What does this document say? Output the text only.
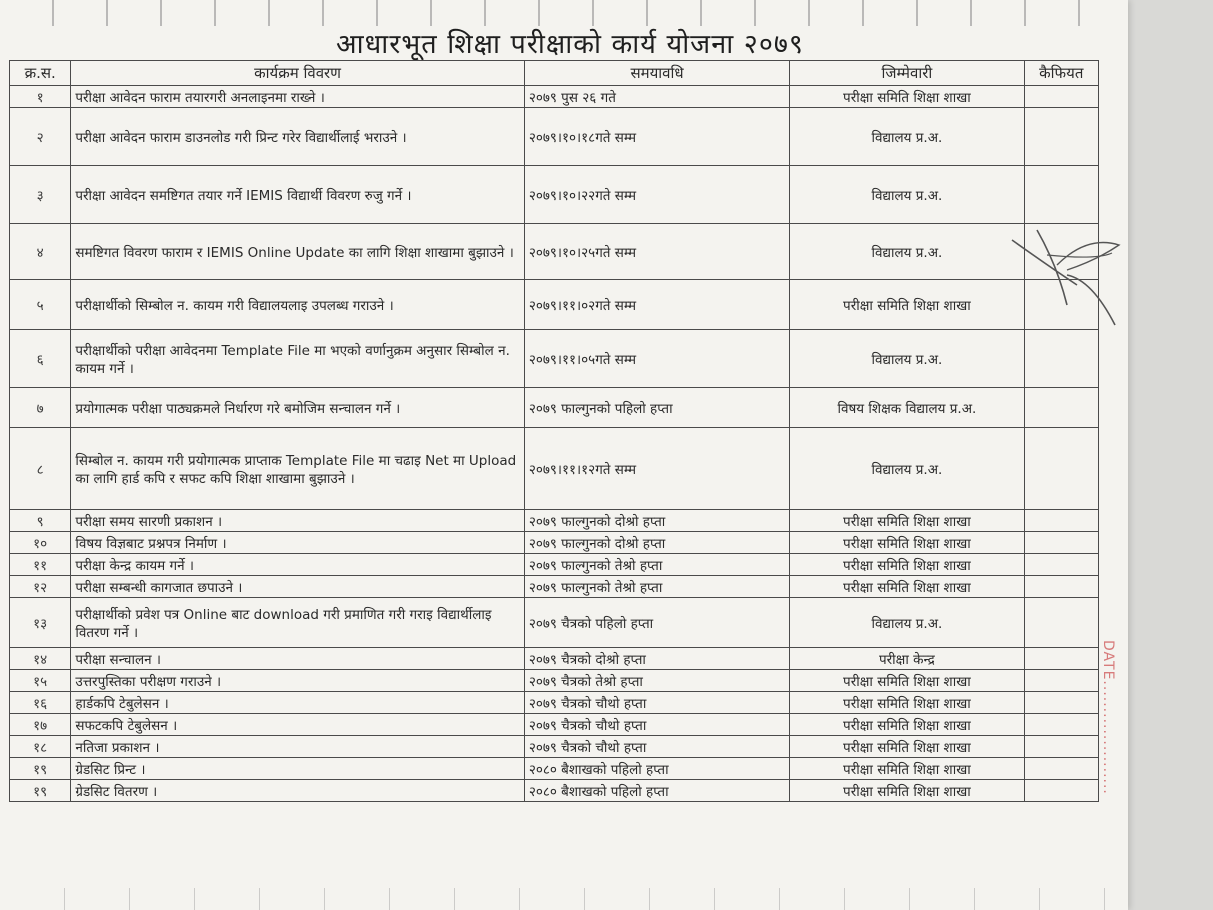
आधारभूत शिक्षा परीक्षाको कार्य योजना २०७९
क्र.स.	कार्यक्रम विवरण	समयावधि	जिम्मेवारी	कैफियत
१	परीक्षा आवेदन फाराम तयारगरी अनलाइनमा राख्ने ।	२०७९ पुस २६ गते	परीक्षा समिति शिक्षा शाखा	
२	परीक्षा आवेदन फाराम डाउनलोड गरी प्रिन्ट गरेर विद्यार्थीलाई भराउने ।	२०७९।१०।१८गते सम्म	विद्यालय प्र.अ.	
३	परीक्षा आवेदन समष्टिगत तयार गर्ने IEMIS विद्यार्थी विवरण रुजु गर्ने ।	२०७९।१०।२२गते सम्म	विद्यालय प्र.अ.	
४	समष्टिगत विवरण फाराम र IEMIS Online Update का लागि शिक्षा शाखामा बुझाउने ।	२०७९।१०।२५गते सम्म	विद्यालय प्र.अ.	
५	परीक्षार्थीको सिम्बोल न. कायम गरी विद्यालयलाइ उपलब्ध गराउने ।	२०७९।११।०२गते सम्म	परीक्षा समिति शिक्षा शाखा	
६	परीक्षार्थीको परीक्षा आवेदनमा Template File मा भएको वर्णानुक्रम अनुसार सिम्बोल न. कायम गर्ने ।	२०७९।११।०५गते सम्म	विद्यालय प्र.अ.	
७	प्रयोगात्मक परीक्षा पाठ्यक्रमले निर्धारण गरे बमोजिम सन्चालन गर्ने ।	२०७९ फाल्गुनको पहिलो हप्ता	विषय शिक्षक विद्यालय प्र.अ.	
८	सिम्बोल न. कायम गरी प्रयोगात्मक प्राप्ताक Template File मा चढाइ Net मा Upload का लागि हार्ड कपि र सफट कपि शिक्षा शाखामा बुझाउने ।	२०७९।११।१२गते सम्म	विद्यालय प्र.अ.	
९	परीक्षा समय सारणी प्रकाशन ।	२०७९ फाल्गुनको दोश्रो हप्ता	परीक्षा समिति शिक्षा शाखा	
१०	विषय विज्ञबाट प्रश्नपत्र निर्माण ।	२०७९ फाल्गुनको दोश्रो हप्ता	परीक्षा समिति शिक्षा शाखा	
११	परीक्षा केन्द्र कायम गर्ने ।	२०७९ फाल्गुनको तेश्रो हप्ता	परीक्षा समिति शिक्षा शाखा	
१२	परीक्षा सम्बन्धी कागजात छपाउने ।	२०७९ फाल्गुनको तेश्रो हप्ता	परीक्षा समिति शिक्षा शाखा	
१३	परीक्षार्थीको प्रवेश पत्र Online बाट download गरी प्रमाणित गरी गराइ विद्यार्थीलाइ वितरण गर्ने ।	२०७९ चैत्रको पहिलो हप्ता	विद्यालय प्र.अ.	
१४	परीक्षा सन्चालन ।	२०७९ चैत्रको दोश्रो हप्ता	परीक्षा केन्द्र	
१५	उत्तरपुस्तिका परीक्षण गराउने ।	२०७९ चैत्रको तेश्रो हप्ता	परीक्षा समिति शिक्षा शाखा	
१६	हार्डकपि टेबुलेसन ।	२०७९ चैत्रको चौथो हप्ता	परीक्षा समिति शिक्षा शाखा	
१७	सफटकपि टेबुलेसन ।	२०७९ चैत्रको चौथो हप्ता	परीक्षा समिति शिक्षा शाखा	
१८	नतिजा प्रकाशन ।	२०७९ चैत्रको चौथो हप्ता	परीक्षा समिति शिक्षा शाखा	
१९	ग्रेडसिट प्रिन्ट ।	२०८० बैशाखको पहिलो हप्ता	परीक्षा समिति शिक्षा शाखा	
१९	ग्रेडसिट वितरण ।	२०८० बैशाखको पहिलो हप्ता	परीक्षा समिति शिक्षा शाखा		DATE.....................
